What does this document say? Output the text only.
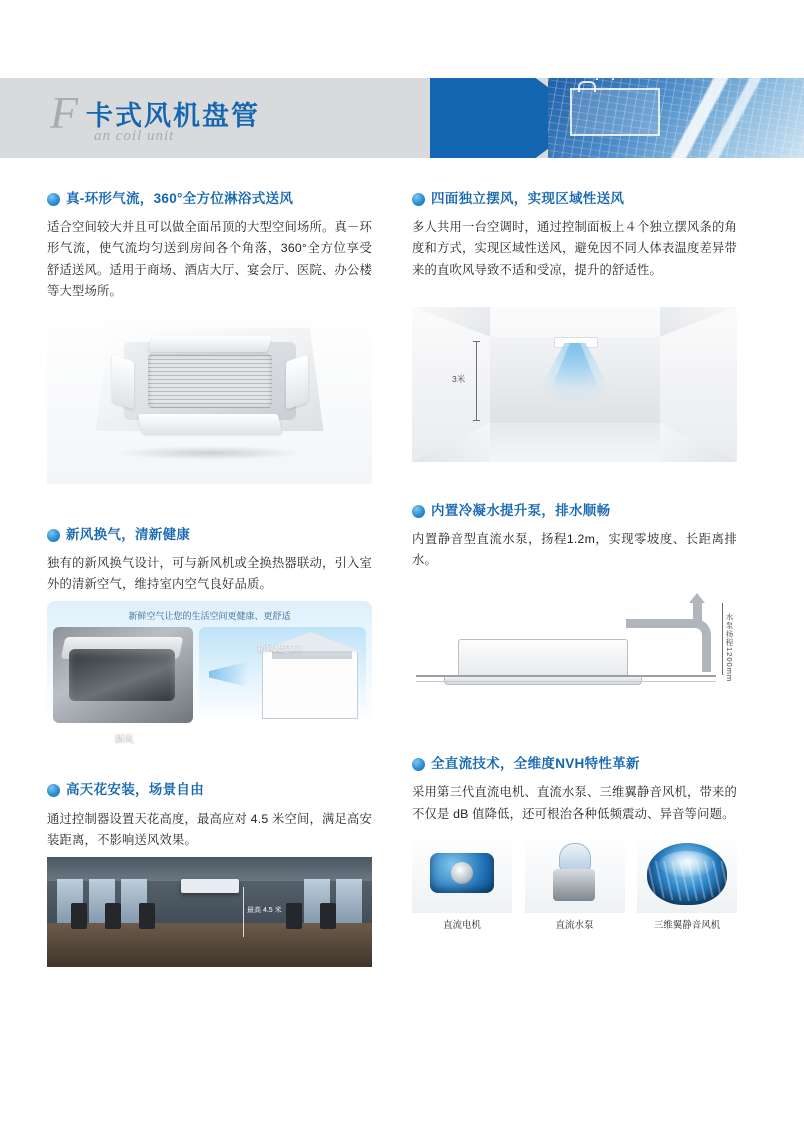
F 卡式风机盘管
an coil unit
真-环形气流，360°全方位淋浴式送风
适合空间较大并且可以做全面吊顶的大型空间场所。真－环形气流，使气流均匀送到房间各个角落，360°全方位享受舒适送风。适用于商场、酒店大厅、宴会厅、医院、办公楼等大型场所。
新风换气，清新健康
独有的新风换气设计，可与新风机或全换热器联动，引入室外的清新空气，维持室内空气良好品质。
新鲜空气让您的生活空间更健康、更舒适
新风
新风进气口
高天花安装，场景自由
通过控制器设置天花高度，最高应对 4.5 米空间，满足高安装距离，不影响送风效果。
最高 4.5 米
四面独立摆风，实现区域性送风
多人共用一台空调时，通过控制面板上４个独立摆风条的角度和方式，实现区域性送风，避免因不同人体表温度差异带来的直吹风导致不适和受凉，提升的舒适性。
3米
内置冷凝水提升泵，排水顺畅
内置静音型直流水泵，扬程1.2m，实现零坡度、长距离排水。
水泵扬程1200mm
全直流技术，全维度NVH特性革新
采用第三代直流电机、直流水泵、三维翼静音风机，带来的不仅是 dB 值降低，还可根治各种低频震动、异音等问题。
直流电机	直流水泵	三维翼静音风机
